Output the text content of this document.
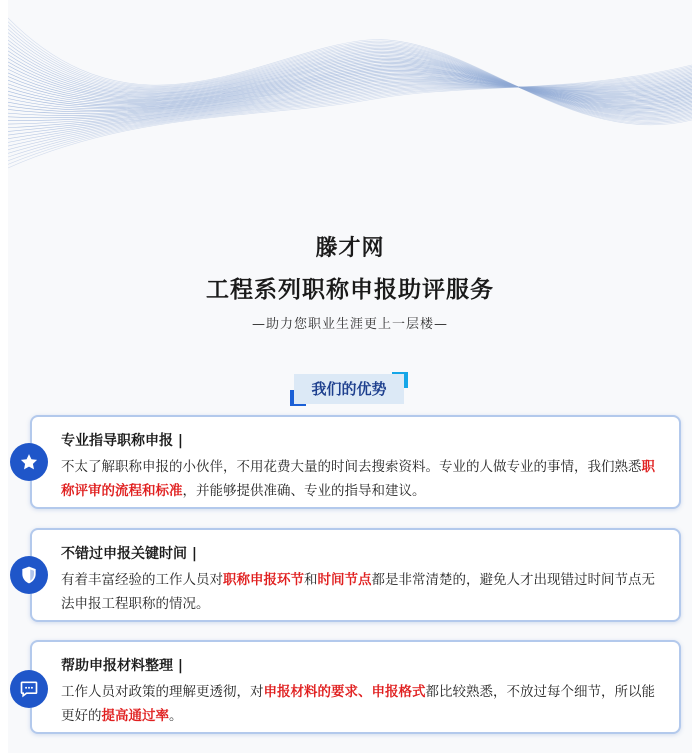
滕才网
工程系列职称申报助评服务
—助力您职业生涯更上一层楼—
我们的优势
专业指导职称申报 |
不太了解职称申报的小伙伴，不用花费大量的时间去搜索资料。专业的人做专业的事情，我们熟悉职称评审的流程和标准，并能够提供准确、专业的指导和建议。
不错过申报关键时间 |
有着丰富经验的工作人员对职称申报环节和时间节点都是非常清楚的，避免人才出现错过时间节点无法申报工程职称的情况。
帮助申报材料整理 |
工作人员对政策的理解更透彻，对申报材料的要求、申报格式都比较熟悉，不放过每个细节，所以能更好的提高通过率。
